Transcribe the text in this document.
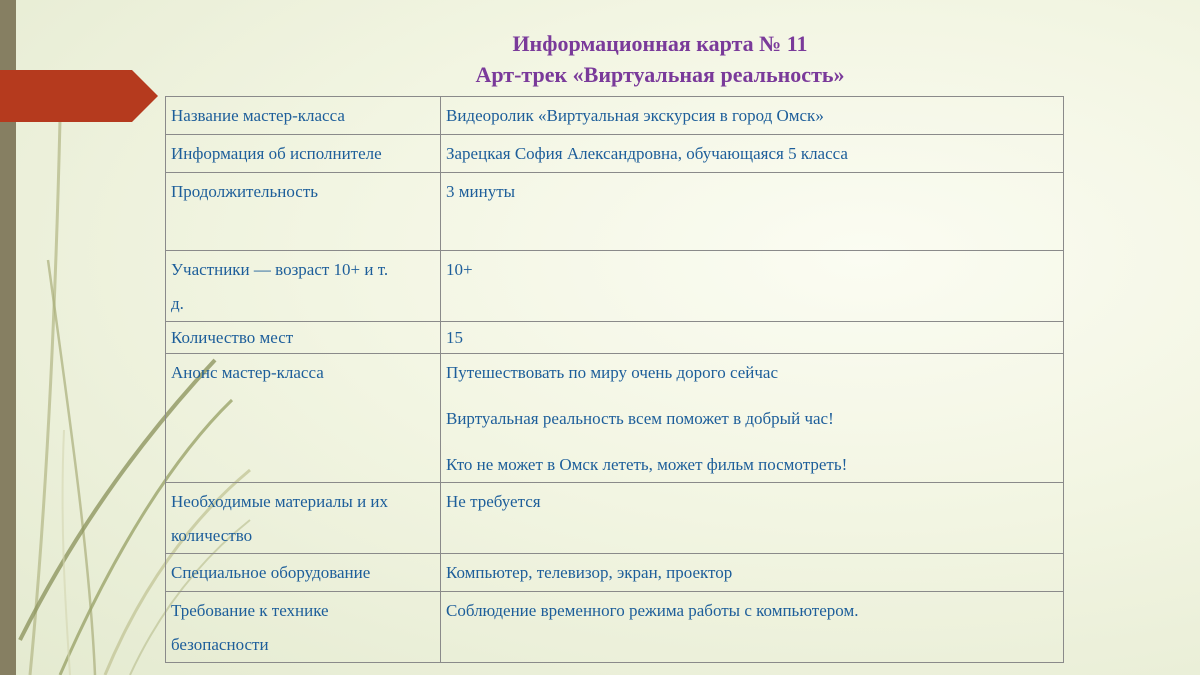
Информационная карта № 11
Арт-трек «Виртуальная реальность»
Название мастер-класса	Видеоролик «Виртуальная экскурсия в город Омск»

Информация об исполнителе	Зарецкая София Александровна, обучающаяся 5 класса

Продолжительность	3 минуты

Участники — возраст 10+ и т.
д.	10+

Количество мест	15

Анонс мастер-класса	Путешествовать по миру очень дорого сейчас
Виртуальная реальность всем поможет в добрый час!
Кто не может в Омск лететь, может фильм посмотреть!

Необходимые материалы и их
количество	Не требуется

Специальное оборудование	Компьютер, телевизор, экран, проектор

Требование к технике
безопасности	Соблюдение временного режима работы с компьютером.
